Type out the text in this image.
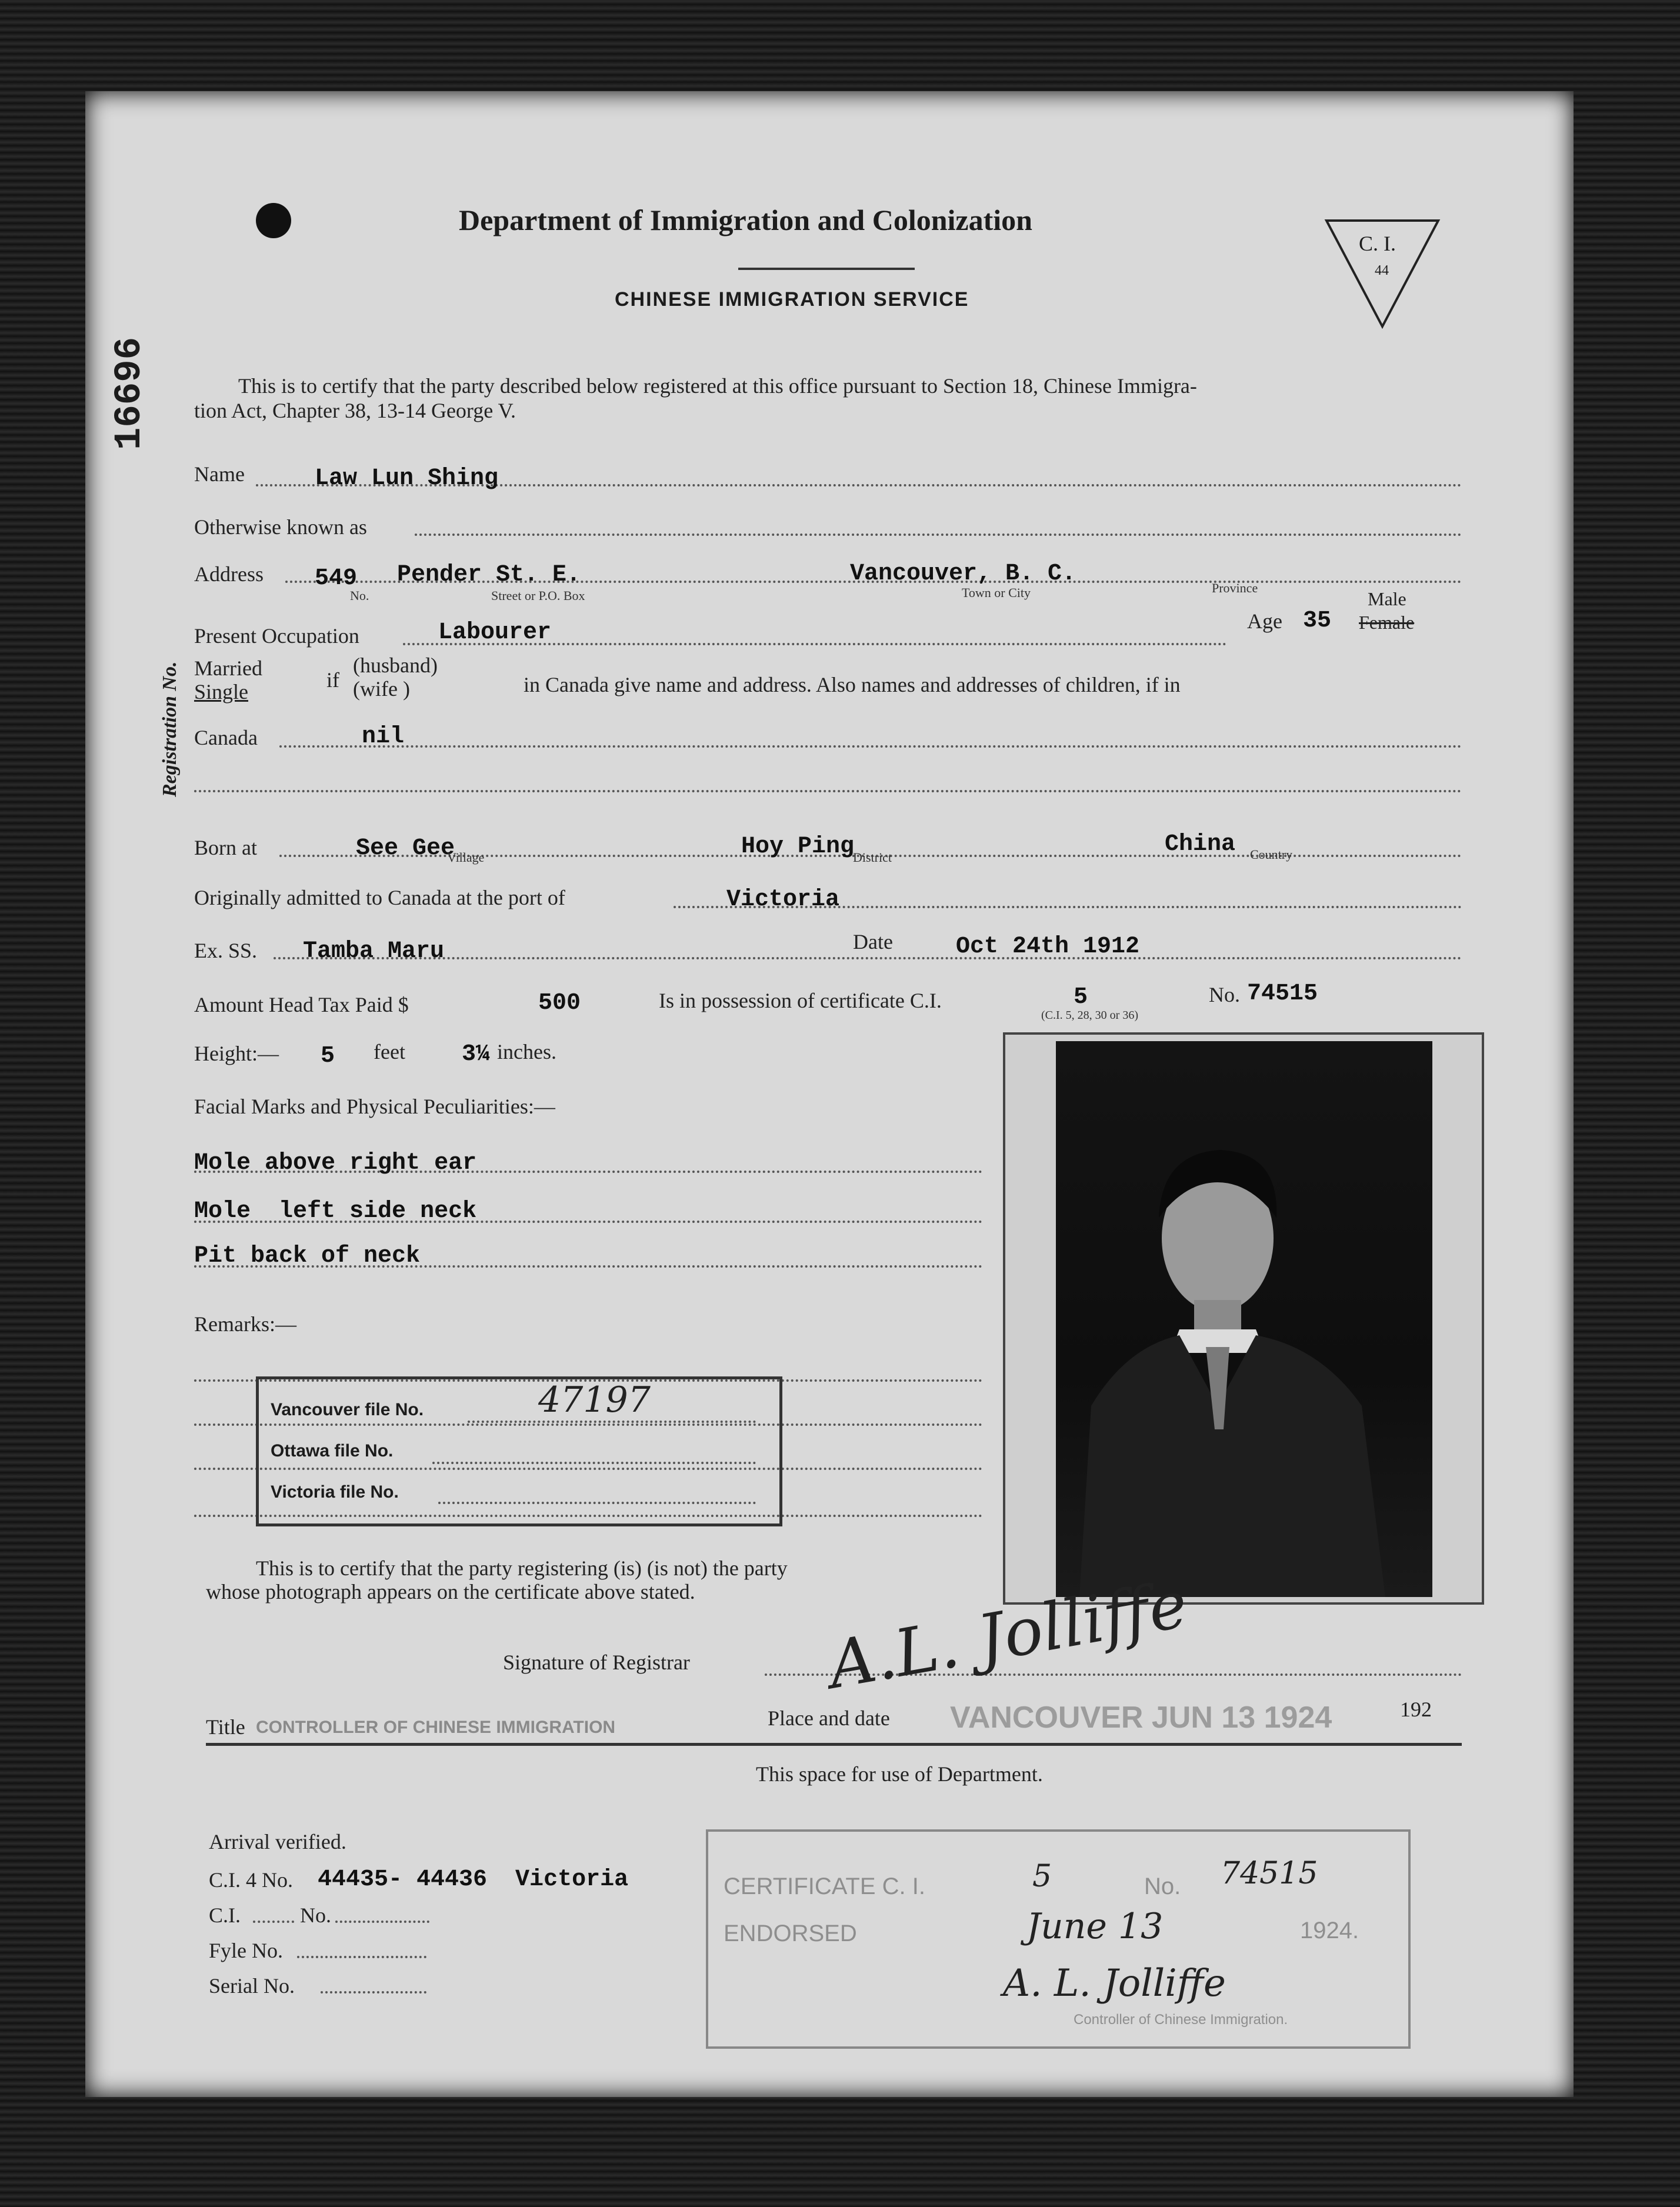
Department of Immigration and Colonization
CHINESE IMMIGRATION SERVICE
C. I.
44
16696
Registration No.
This is to certify that the party described below registered at this office pursuant to Section 18, Chinese Immigra-
tion Act, Chapter 38, 13-14 George V.
Name	Law Lun Shing
Otherwise known as
Address 549 Pender St. E.	Vancouver, B. C.
No.	Street or P.O. Box	Town or City	Province
Present Occupation	Labourer	Age 35
Male
Female
Married
Single	if
(husband)
(wife )	in Canada give name and address. Also names and addresses of children, if in
Canada	nil
Born at	See Gee
Village	Hoy Ping
District	China Country
Originally admitted to Canada at the port of	Victoria
Ex. SS. Tamba Maru	Date	Oct 24th 1912
Amount Head Tax Paid $	500	Is in possession of certificate C.I.	5	No. 74515
(C.I. 5, 28, 30 or 36)
Height:— 5 feet 3¼ inches.
Facial Marks and Physical Peculiarities:—
Mole above right ear
Mole  left side neck
Pit back of neck
Remarks:—
Vancouver file No.	47197
Ottawa file No.
Victoria file No.
This is to certify that the party registering (is) (is not) the party
whose photograph appears on the certificate above stated.
Signature of Registrar A.L. Jolliffe
Title CONTROLLER OF CHINESE IMMIGRATION	Place and date VANCOUVER JUN 13 1924	192
This space for use of Department.
Arrival verified.
C.I. 4 No. 44435- 44436  Victoria
C.I.	No.
Fyle No.
Serial No.
CERTIFICATE C. I.	5	No. 74515
ENDORSED	June 13	1924.
A. L. Jolliffe
Controller of Chinese Immigration.
